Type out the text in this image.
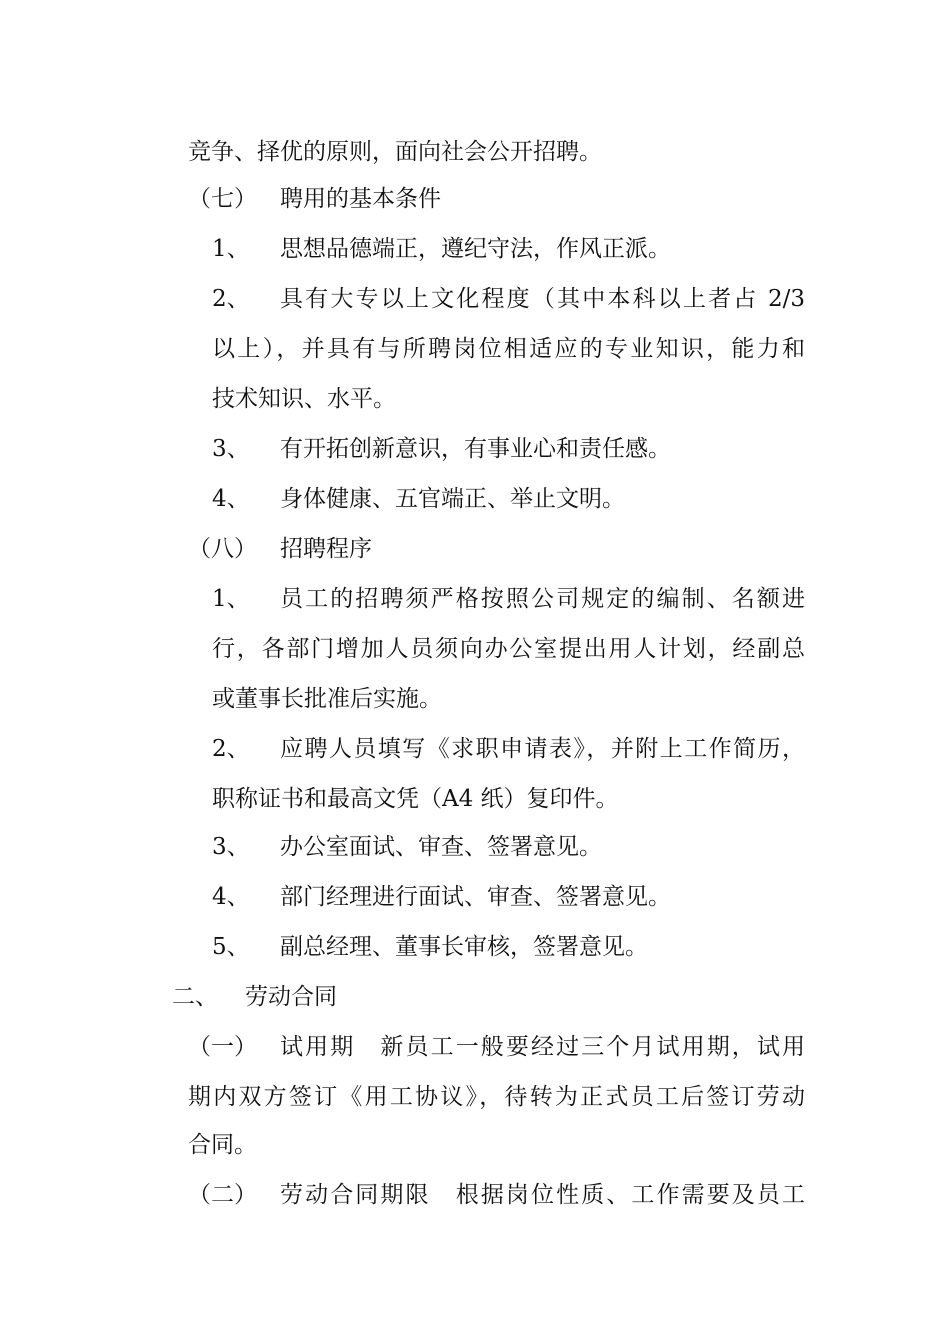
竞争、择优的原则，面向社会公开招聘。
（七） 聘用的基本条件
1、 思想品德端正，遵纪守法，作风正派。
2、 具有大专以上文化程度（其中本科以上者占 2/3
以上），并具有与所聘岗位相适应的专业知识，能力和
技术知识、水平。
3、 有开拓创新意识，有事业心和责任感。
4、 身体健康、五官端正、举止文明。
（八） 招聘程序
1、 员工的招聘须严格按照公司规定的编制、名额进
行，各部门增加人员须向办公室提出用人计划，经副总
或董事长批准后实施。
2、 应聘人员填写《求职申请表》，并附上工作简历，
职称证书和最高文凭（A4 纸）复印件。
3、 办公室面试、审查、签署意见。
4、 部门经理进行面试、审查、签署意见。
5、 副总经理、董事长审核，签署意见。
二、 劳动合同
（一） 试用期　新员工一般要经过三个月试用期，试用
期内双方签订《用工协议》，待转为正式员工后签订劳动
合同。
（二） 劳动合同期限　根据岗位性质、工作需要及员工
